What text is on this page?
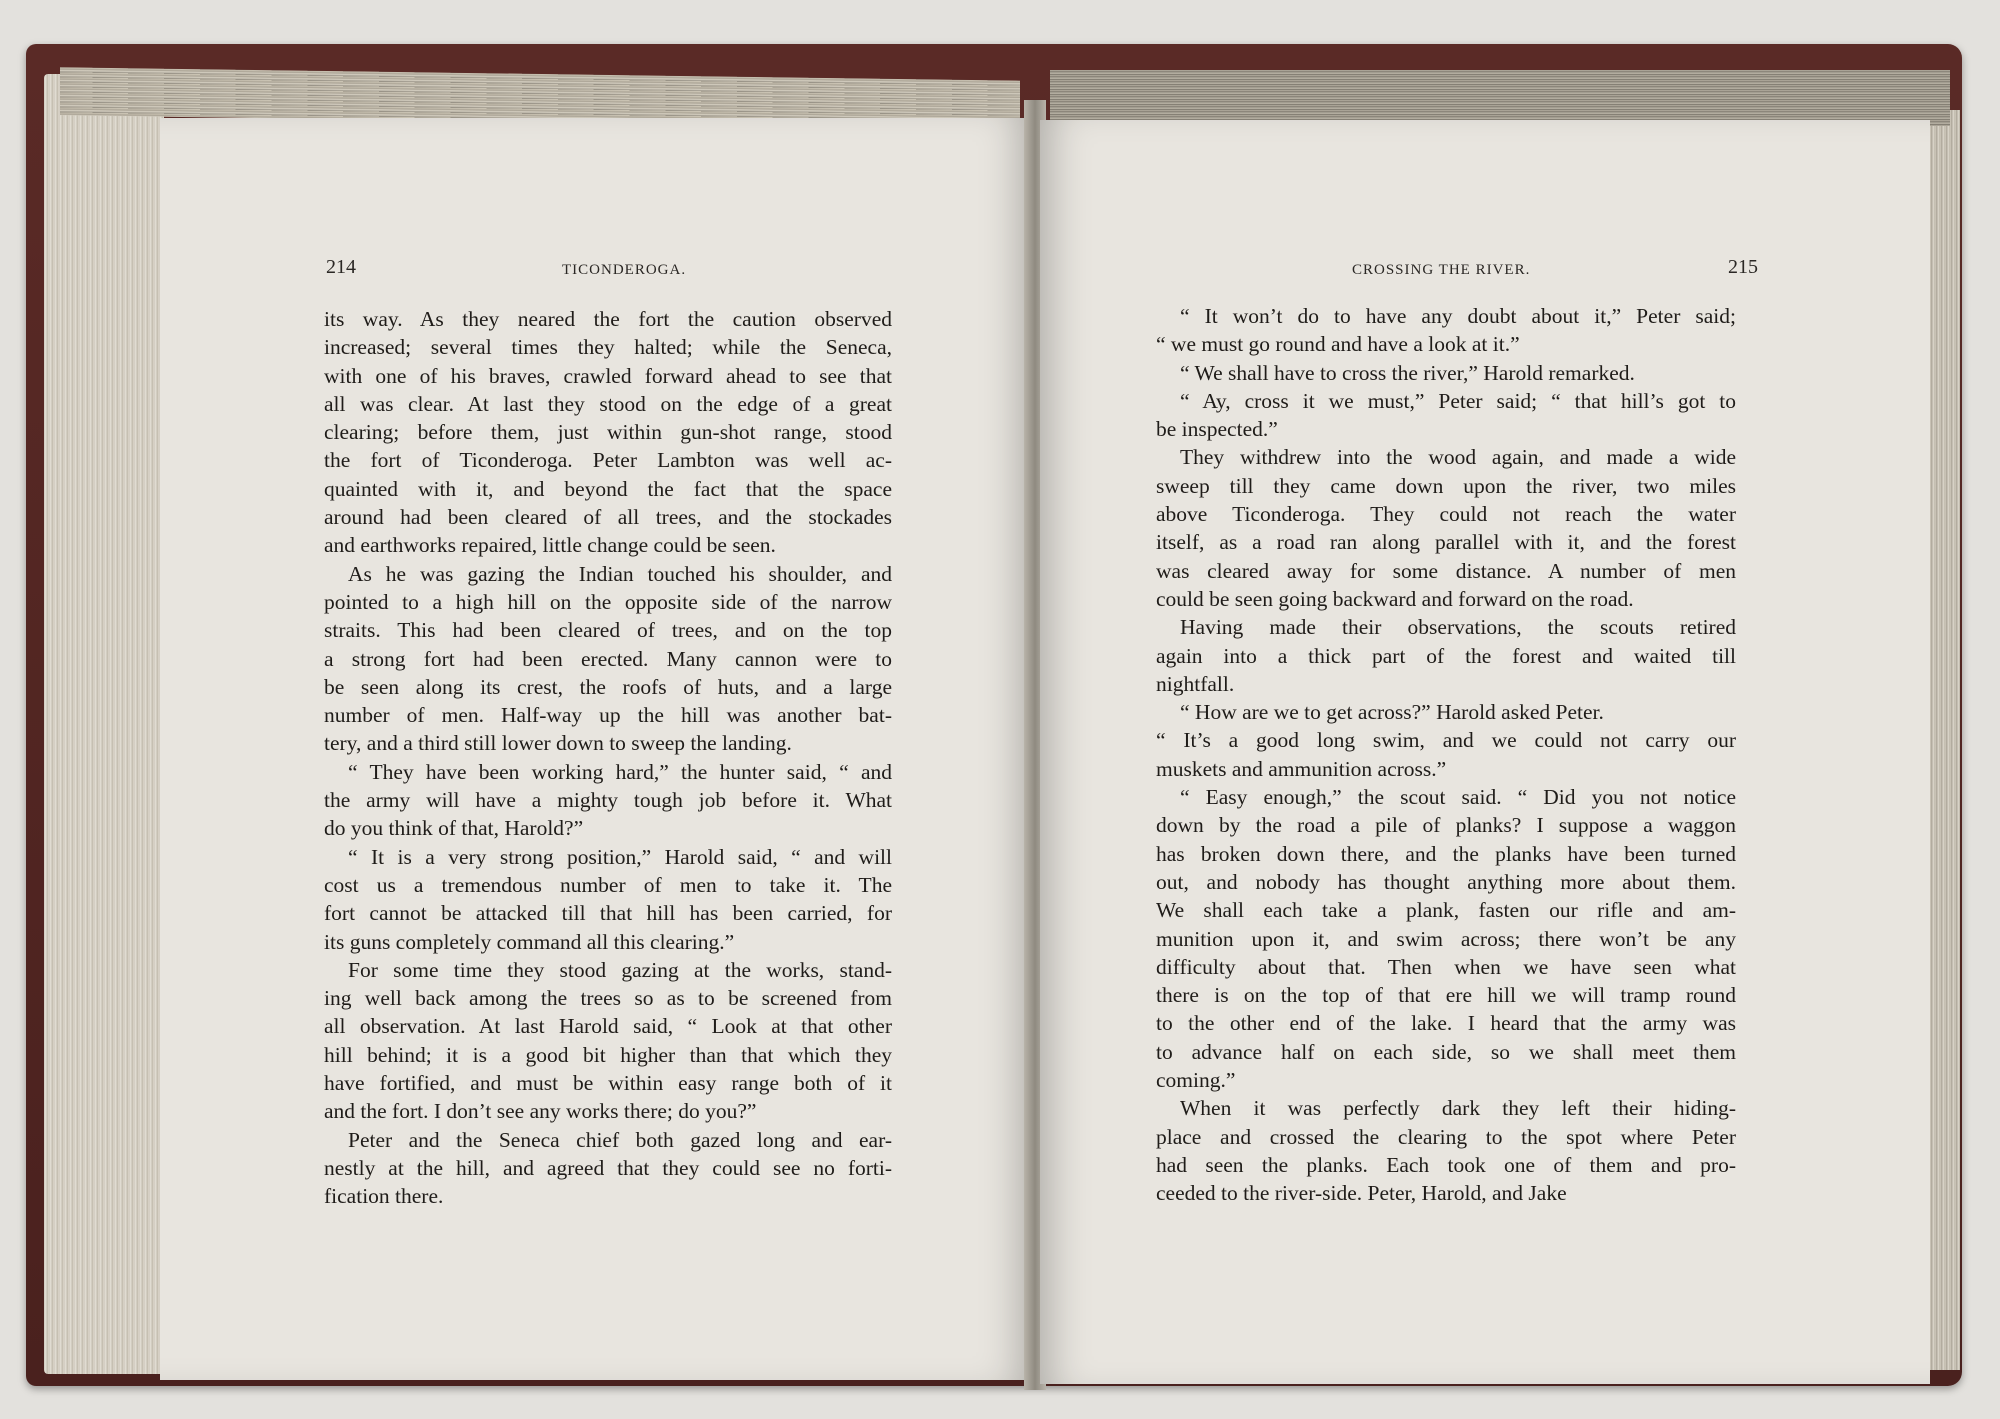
214	TICONDEROGA.
its way. As they neared the fort the caution observed
increased; several times they halted; while the Seneca,
with one of his braves, crawled forward ahead to see that
all was clear. At last they stood on the edge of a great
clearing; before them, just within gun-shot range, stood
the fort of Ticonderoga. Peter Lambton was well ac-
quainted with it, and beyond the fact that the space
around had been cleared of all trees, and the stockades
and earthworks repaired, little change could be seen.
As he was gazing the Indian touched his shoulder, and
pointed to a high hill on the opposite side of the narrow
straits. This had been cleared of trees, and on the top
a strong fort had been erected. Many cannon were to
be seen along its crest, the roofs of huts, and a large
number of men. Half-way up the hill was another bat-
tery, and a third still lower down to sweep the landing.
“ They have been working hard,” the hunter said, “ and
the army will have a mighty tough job before it. What
do you think of that, Harold?”
“ It is a very strong position,” Harold said, “ and will
cost us a tremendous number of men to take it. The
fort cannot be attacked till that hill has been carried, for
its guns completely command all this clearing.”
For some time they stood gazing at the works, stand-
ing well back among the trees so as to be screened from
all observation. At last Harold said, “ Look at that other
hill behind; it is a good bit higher than that which they
have fortified, and must be within easy range both of it
and the fort. I don’t see any works there; do you?”
Peter and the Seneca chief both gazed long and ear-
nestly at the hill, and agreed that they could see no forti-
fication there.
CROSSING THE RIVER.	215
“ It won’t do to have any doubt about it,” Peter said;
“ we must go round and have a look at it.”
“ We shall have to cross the river,” Harold remarked.
“ Ay, cross it we must,” Peter said; “ that hill’s got to
be inspected.”
They withdrew into the wood again, and made a wide
sweep till they came down upon the river, two miles
above Ticonderoga. They could not reach the water
itself, as a road ran along parallel with it, and the forest
was cleared away for some distance. A number of men
could be seen going backward and forward on the road.
Having made their observations, the scouts retired
again into a thick part of the forest and waited till
nightfall.
“ How are we to get across?” Harold asked Peter.
“ It’s a good long swim, and we could not carry our
muskets and ammunition across.”
“ Easy enough,” the scout said. “ Did you not notice
down by the road a pile of planks? I suppose a waggon
has broken down there, and the planks have been turned
out, and nobody has thought anything more about them.
We shall each take a plank, fasten our rifle and am-
munition upon it, and swim across; there won’t be any
difficulty about that. Then when we have seen what
there is on the top of that ere hill we will tramp round
to the other end of the lake. I heard that the army was
to advance half on each side, so we shall meet them
coming.”
When it was perfectly dark they left their hiding-
place and crossed the clearing to the spot where Peter
had seen the planks. Each took one of them and pro-
ceeded to the river-side. Peter, Harold, and Jake
